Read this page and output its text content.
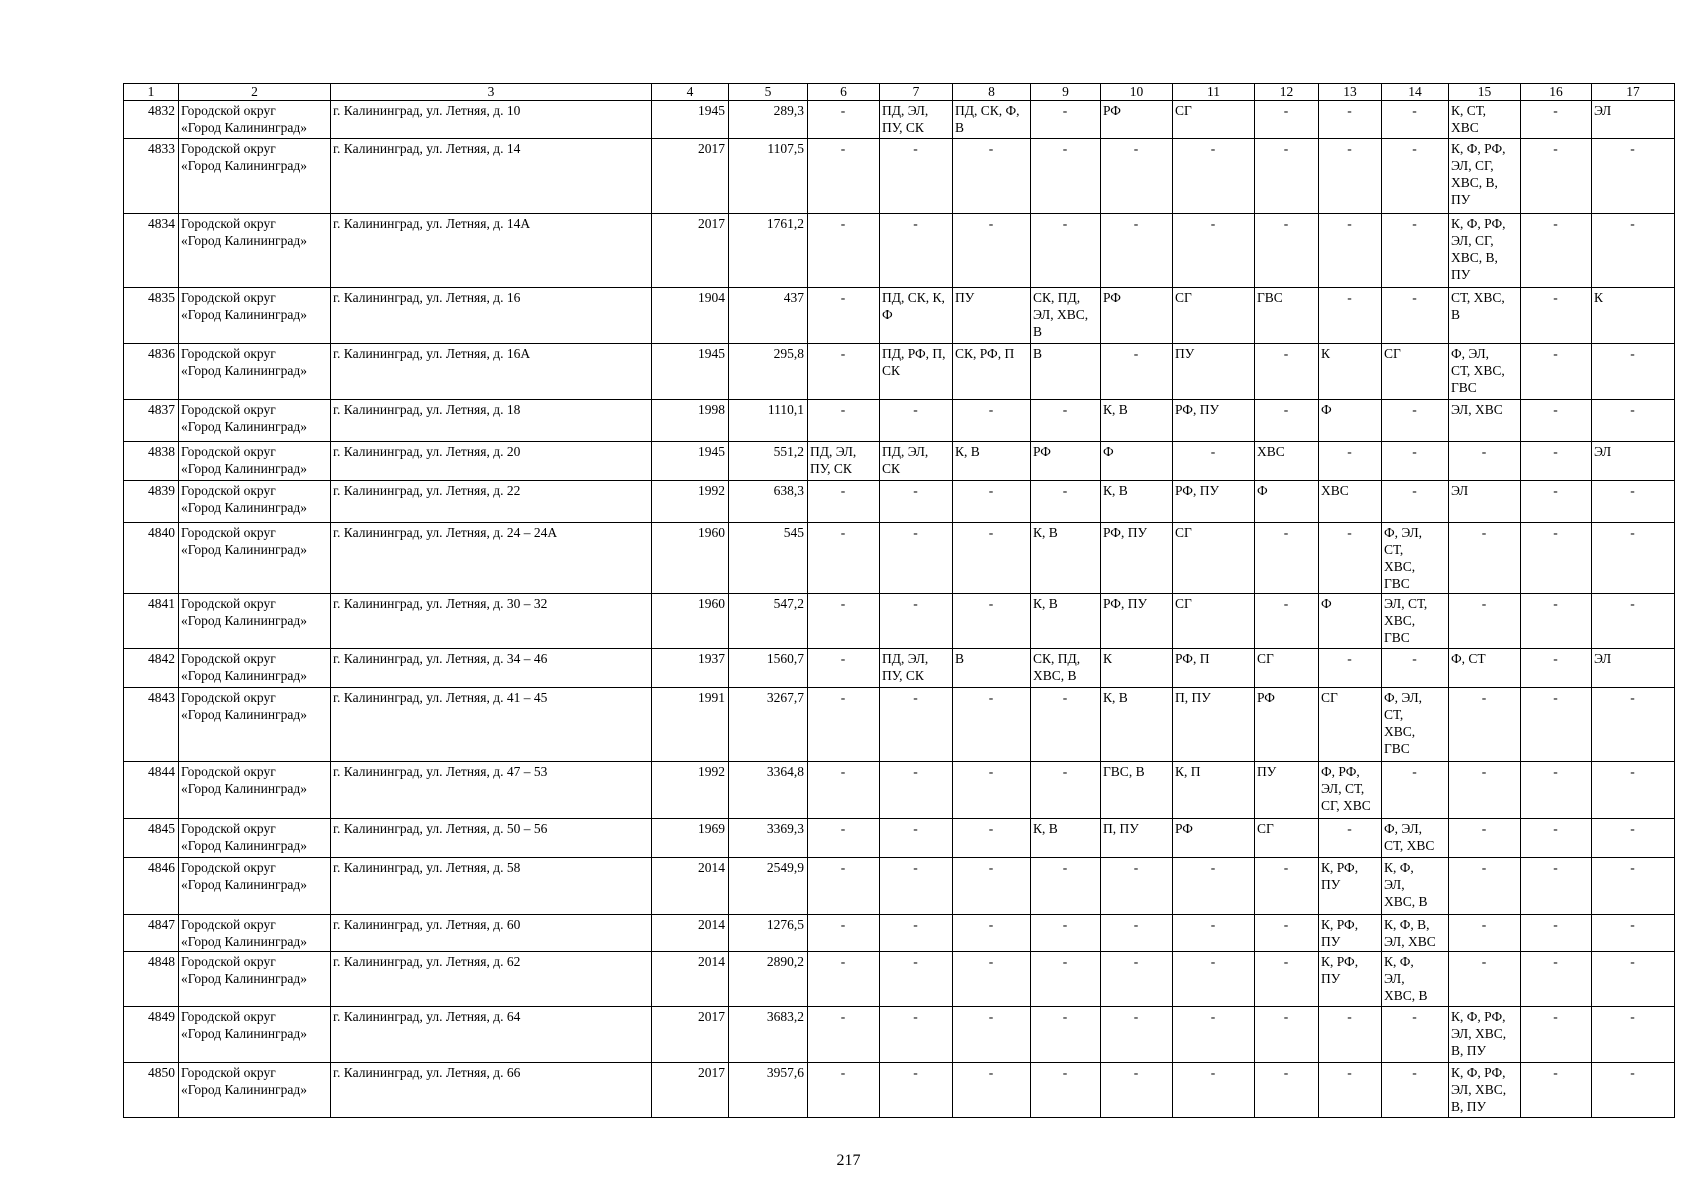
1	2	3	4	5	6	7	8	9	10	11	12	13	14	15	16	17
4832	Городской округ
«Город Калининград»	г. Калининград, ул. Летняя, д. 10	1945	289,3	-	ПД, ЭЛ,
ПУ, СК	ПД, СК, Ф,
В	-	РФ	СГ	-	-	-	К, СТ,
ХВС	-	ЭЛ
4833	Городской округ
«Город Калининград»	г. Калининград, ул. Летняя, д. 14	2017	1107,5	-	-	-	-	-	-	-	-	-	К, Ф, РФ,
ЭЛ, СГ,
ХВС, В,
ПУ	-	-
4834	Городской округ
«Город Калининград»	г. Калининград, ул. Летняя, д. 14А	2017	1761,2	-	-	-	-	-	-	-	-	-	К, Ф, РФ,
ЭЛ, СГ,
ХВС, В,
ПУ	-	-
4835	Городской округ
«Город Калининград»	г. Калининград, ул. Летняя, д. 16	1904	437	-	ПД, СК, К,
Ф	ПУ	СК, ПД,
ЭЛ, ХВС,
В	РФ	СГ	ГВС	-	-	СТ, ХВС,
В	-	К
4836	Городской округ
«Город Калининград»	г. Калининград, ул. Летняя, д. 16А	1945	295,8	-	ПД, РФ, П,
СК	СК, РФ, П	В	-	ПУ	-	К	СГ	Ф, ЭЛ,
СТ, ХВС,
ГВС	-	-
4837	Городской округ
«Город Калининград»	г. Калининград, ул. Летняя, д. 18	1998	1110,1	-	-	-	-	К, В	РФ, ПУ	-	Ф	-	ЭЛ, ХВС	-	-
4838	Городской округ
«Город Калининград»	г. Калининград, ул. Летняя, д. 20	1945	551,2	ПД, ЭЛ,
ПУ, СК	ПД, ЭЛ,
СК	К, В	РФ	Ф	-	ХВС	-	-	-	-	ЭЛ
4839	Городской округ
«Город Калининград»	г. Калининград, ул. Летняя, д. 22	1992	638,3	-	-	-	-	К, В	РФ, ПУ	Ф	ХВС	-	ЭЛ	-	-
4840	Городской округ
«Город Калининград»	г. Калининград, ул. Летняя, д. 24 – 24А	1960	545	-	-	-	К, В	РФ, ПУ	СГ	-	-	Ф, ЭЛ,
СТ,
ХВС,
ГВС	-	-	-
4841	Городской округ
«Город Калининград»	г. Калининград, ул. Летняя, д. 30 – 32	1960	547,2	-	-	-	К, В	РФ, ПУ	СГ	-	Ф	ЭЛ, СТ,
ХВС,
ГВС	-	-	-
4842	Городской округ
«Город Калининград»	г. Калининград, ул. Летняя, д. 34 – 46	1937	1560,7	-	ПД, ЭЛ,
ПУ, СК	В	СК, ПД,
ХВС, В	К	РФ, П	СГ	-	-	Ф, СТ	-	ЭЛ
4843	Городской округ
«Город Калининград»	г. Калининград, ул. Летняя, д. 41 – 45	1991	3267,7	-	-	-	-	К, В	П, ПУ	РФ	СГ	Ф, ЭЛ,
СТ,
ХВС,
ГВС	-	-	-
4844	Городской округ
«Город Калининград»	г. Калининград, ул. Летняя, д. 47 – 53	1992	3364,8	-	-	-	-	ГВС, В	К, П	ПУ	Ф, РФ,
ЭЛ, СТ,
СГ, ХВС	-	-	-	-
4845	Городской округ
«Город Калининград»	г. Калининград, ул. Летняя, д. 50 – 56	1969	3369,3	-	-	-	К, В	П, ПУ	РФ	СГ	-	Ф, ЭЛ,
СТ, ХВС	-	-	-
4846	Городской округ
«Город Калининград»	г. Калининград, ул. Летняя, д. 58	2014	2549,9	-	-	-	-	-	-	-	К, РФ,
ПУ	К, Ф,
ЭЛ,
ХВС, В	-	-	-
4847	Городской округ
«Город Калининград»	г. Калининград, ул. Летняя, д. 60	2014	1276,5	-	-	-	-	-	-	-	К, РФ,
ПУ	К, Ф, В,
ЭЛ, ХВС	-	-	-
4848	Городской округ
«Город Калининград»	г. Калининград, ул. Летняя, д. 62	2014	2890,2	-	-	-	-	-	-	-	К, РФ,
ПУ	К, Ф,
ЭЛ,
ХВС, В	-	-	-
4849	Городской округ
«Город Калининград»	г. Калининград, ул. Летняя, д. 64	2017	3683,2	-	-	-	-	-	-	-	-	-	К, Ф, РФ,
ЭЛ, ХВС,
В, ПУ	-	-
4850	Городской округ
«Город Калининград»	г. Калининград, ул. Летняя, д. 66	2017	3957,6	-	-	-	-	-	-	-	-	-	К, Ф, РФ,
ЭЛ, ХВС,
В, ПУ	-	-
217
